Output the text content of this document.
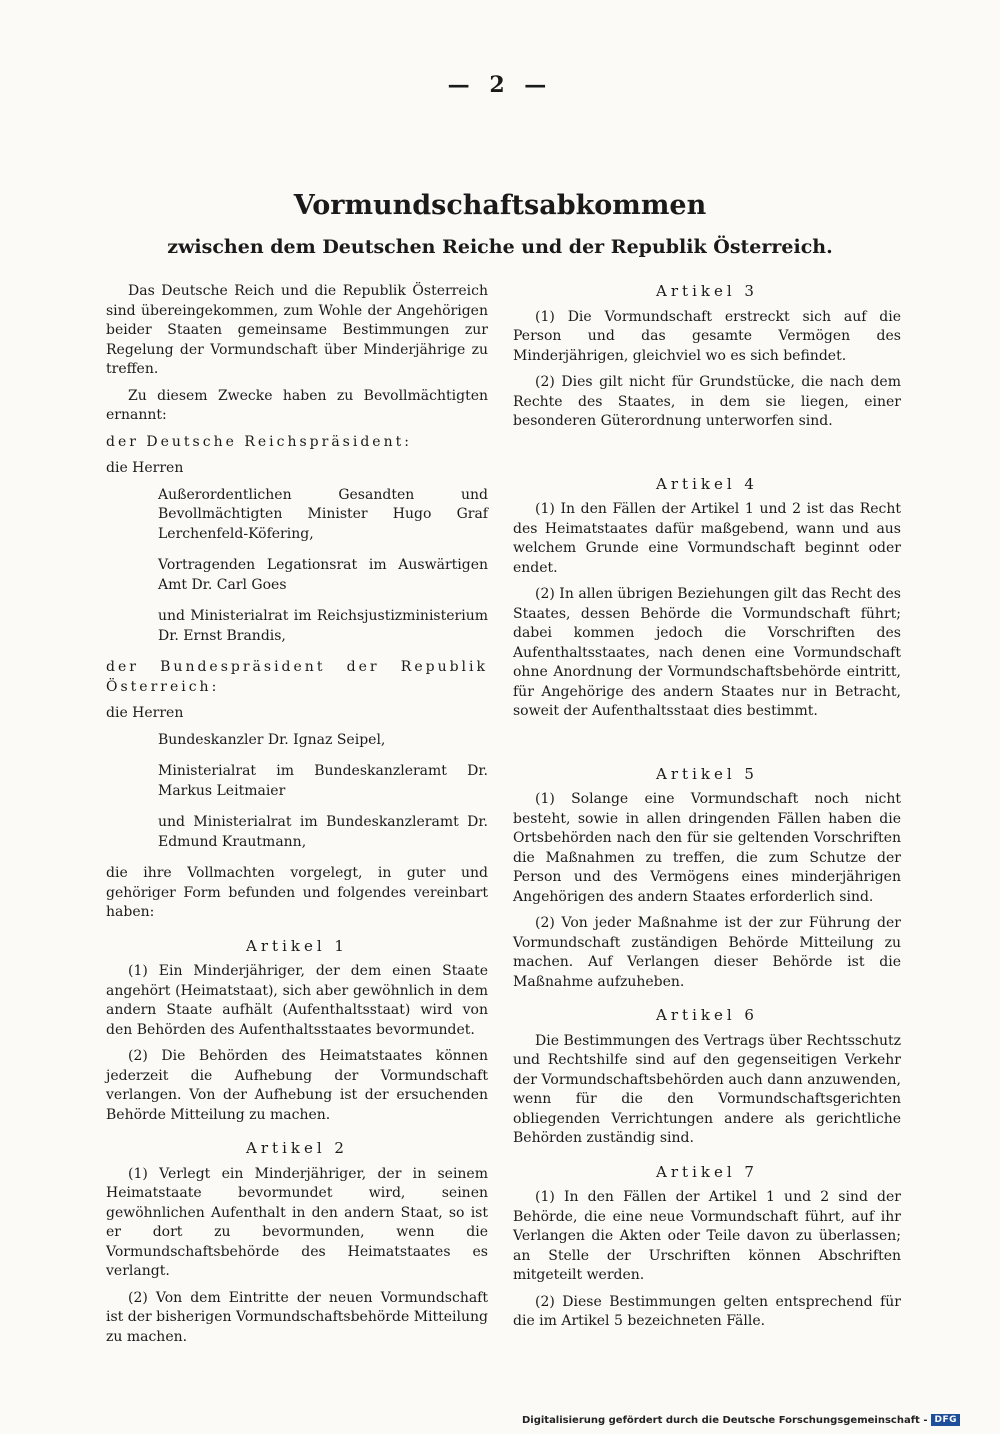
— 2 —
Vormundschaftsabkommen
zwischen dem Deutschen Reiche und der Republik Österreich.

Das Deutsche Reich und die Republik Österreich sind übereingekommen, zum Wohle der Angehörigen beider Staaten gemeinsame Bestimmungen zur Regelung der Vormundschaft über Minderjährige zu treffen.

Zu diesem Zwecke haben zu Bevollmächtigten ernannt:

der Deutsche Reichspräsident:

die Herren

Außerordentlichen Gesandten und Bevollmächtigten Minister Hugo Graf Lerchenfeld-Köfering,

Vortragenden Legationsrat im Auswärtigen Amt Dr. Carl Goes

und Ministerialrat im Reichsjustizministerium Dr. Ernst Brandis,

der Bundespräsident der Republik Österreich:

die Herren

Bundeskanzler Dr. Ignaz Seipel,

Ministerialrat im Bundeskanzleramt Dr. Markus Leitmaier

und Ministerialrat im Bundeskanzleramt Dr. Edmund Krautmann,

die ihre Vollmachten vorgelegt, in guter und gehöriger Form befunden und folgendes vereinbart haben:

Artikel 1

(1) Ein Minderjähriger, der dem einen Staate angehört (Heimatstaat), sich aber gewöhnlich in dem andern Staate aufhält (Aufenthaltsstaat) wird von den Behörden des Aufenthaltsstaates bevormundet.

(2) Die Behörden des Heimatstaates können jederzeit die Aufhebung der Vormundschaft verlangen. Von der Aufhebung ist der ersuchenden Behörde Mitteilung zu machen.

Artikel 2

(1) Verlegt ein Minderjähriger, der in seinem Heimatstaate bevormundet wird, seinen gewöhnlichen Aufenthalt in den andern Staat, so ist er dort zu bevormunden, wenn die Vormundschaftsbehörde des Heimatstaates es verlangt.

(2) Von dem Eintritte der neuen Vormundschaft ist der bisherigen Vormundschaftsbehörde Mitteilung zu machen.

Artikel 3

(1) Die Vormundschaft erstreckt sich auf die Person und das gesamte Vermögen des Minderjährigen, gleichviel wo es sich befindet.

(2) Dies gilt nicht für Grundstücke, die nach dem Rechte des Staates, in dem sie liegen, einer besonderen Güterordnung unterworfen sind.

Artikel 4

(1) In den Fällen der Artikel 1 und 2 ist das Recht des Heimatstaates dafür maßgebend, wann und aus welchem Grunde eine Vormundschaft beginnt oder endet.

(2) In allen übrigen Beziehungen gilt das Recht des Staates, dessen Behörde die Vormundschaft führt; dabei kommen jedoch die Vorschriften des Aufenthaltsstaates, nach denen eine Vormundschaft ohne Anordnung der Vormundschaftsbehörde eintritt, für Angehörige des andern Staates nur in Betracht, soweit der Aufenthaltsstaat dies bestimmt.

Artikel 5

(1) Solange eine Vormundschaft noch nicht besteht, sowie in allen dringenden Fällen haben die Ortsbehörden nach den für sie geltenden Vorschriften die Maßnahmen zu treffen, die zum Schutze der Person und des Vermögens eines minderjährigen Angehörigen des andern Staates erforderlich sind.

(2) Von jeder Maßnahme ist der zur Führung der Vormundschaft zuständigen Behörde Mitteilung zu machen. Auf Verlangen dieser Behörde ist die Maßnahme aufzuheben.

Artikel 6

Die Bestimmungen des Vertrags über Rechtsschutz und Rechtshilfe sind auf den gegenseitigen Verkehr der Vormundschaftsbehörden auch dann anzuwenden, wenn für die den Vormundschaftsgerichten obliegenden Verrichtungen andere als gerichtliche Behörden zuständig sind.

Artikel 7

(1) In den Fällen der Artikel 1 und 2 sind der Behörde, die eine neue Vormundschaft führt, auf ihr Verlangen die Akten oder Teile davon zu überlassen; an Stelle der Urschriften können Abschriften mitgeteilt werden.

(2) Diese Bestimmungen gelten entsprechend für die im Artikel 5 bezeichneten Fälle.

Digitalisierung gefördert durch die Deutsche Forschungsgemeinschaft - DFG
